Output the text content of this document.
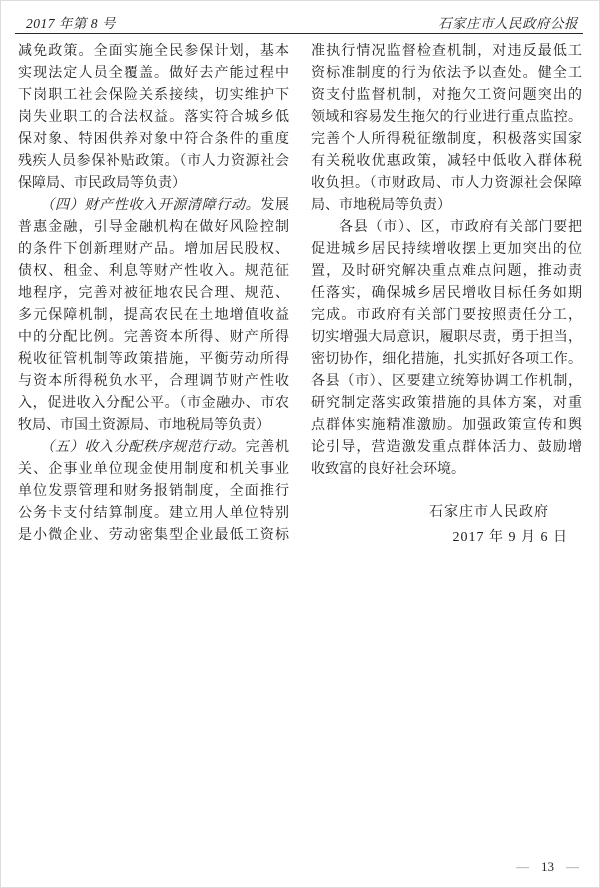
2017 年第 8 号	石家庄市人民政府公报
减免政策。全面实施全民参保计划，基本
实现法定人员全覆盖。做好去产能过程中
下岗职工社会保险关系接续，切实维护下
岗失业职工的合法权益。落实符合城乡低
保对象、特困供养对象中符合条件的重度
残疾人员参保补贴政策。（市人力资源社会
保障局、市民政局等负责）
（四）财产性收入开源清障行动。发展
普惠金融，引导金融机构在做好风险控制
的条件下创新理财产品。增加居民股权、
债权、租金、利息等财产性收入。规范征
地程序，完善对被征地农民合理、规范、
多元保障机制，提高农民在土地增值收益
中的分配比例。完善资本所得、财产所得
税收征管机制等政策措施，平衡劳动所得
与资本所得税负水平，合理调节财产性收
入，促进收入分配公平。（市金融办、市农
牧局、市国土资源局、市地税局等负责）
（五）收入分配秩序规范行动。完善机
关、企事业单位现金使用制度和机关事业
单位发票管理和财务报销制度，全面推行
公务卡支付结算制度。建立用人单位特别
是小微企业、劳动密集型企业最低工资标
准执行情况监督检查机制，对违反最低工
资标准制度的行为依法予以查处。健全工
资支付监督机制，对拖欠工资问题突出的
领域和容易发生拖欠的行业进行重点监控。
完善个人所得税征缴制度，积极落实国家
有关税收优惠政策，减轻中低收入群体税
收负担。（市财政局、市人力资源社会保障
局、市地税局等负责）
各县（市）、区，市政府有关部门要把
促进城乡居民持续增收摆上更加突出的位
置，及时研究解决重点难点问题，推动责
任落实，确保城乡居民增收目标任务如期
完成。市政府有关部门要按照责任分工，
切实增强大局意识，履职尽责，勇于担当，
密切协作，细化措施，扎实抓好各项工作。
各县（市）、区要建立统筹协调工作机制，
研究制定落实政策措施的具体方案，对重
点群体实施精准激励。加强政策宣传和舆
论引导，营造激发重点群体活力、鼓励增
收致富的良好社会环境。
石家庄市人民政府
2017 年 9 月 6 日
— 13 —
